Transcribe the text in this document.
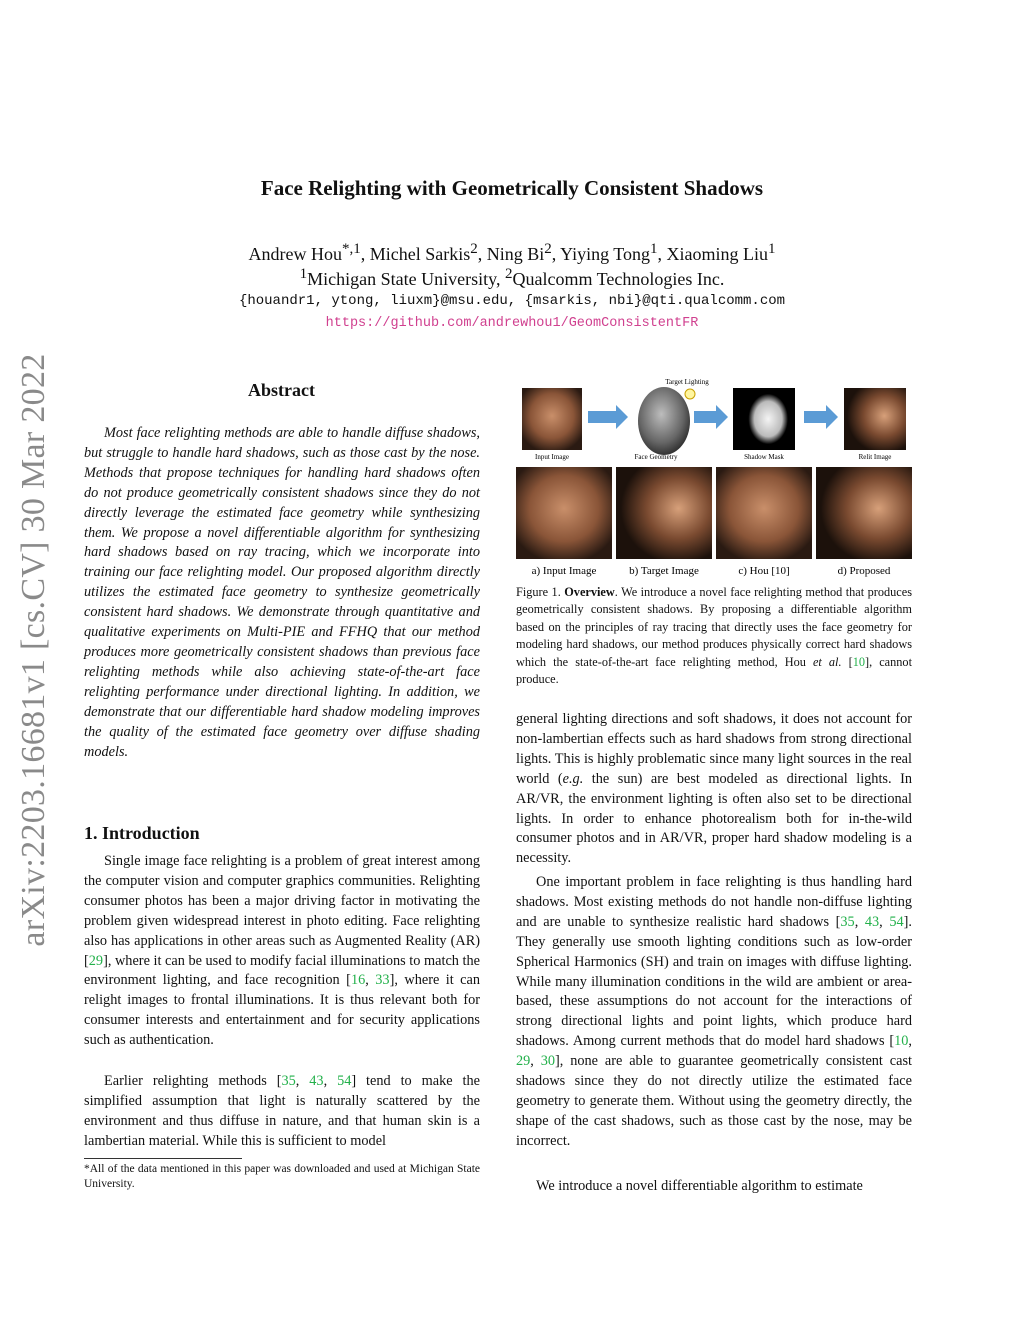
Face Relighting with Geometrically Consistent Shadows
Andrew Hou$^{*,1}$, Michel Sarkis$^2$, Ning Bi$^2$, Yiying Tong$^1$, Xiaoming Liu$^1$
$^1$Michigan State University, $^2$Qualcomm Technologies Inc.
{houandr1, ytong, liuxm}@msu.edu, {msarkis, nbi}@qti.qualcomm.com
https://github.com/andrewhou1/GeomConsistentFR
arXiv:2203.16681v1 [cs.CV] 30 Mar 2022	Abstract
Most face relighting methods are able to handle diffuse shadows, but struggle to handle hard shadows, such as those cast by the nose. Methods that propose techniques for handling hard shadows often do not produce geometrically consistent shadows since they do not directly leverage the estimated face geometry while synthesizing them. We propose a novel differentiable algorithm for synthesizing hard shadows based on ray tracing, which we incorporate into training our face relighting model. Our proposed algorithm directly utilizes the estimated face geometry to synthesize geometrically consistent hard shadows. We demonstrate through quantitative and qualitative experiments on Multi-PIE and FFHQ that our method produces more geometrically consistent shadows than previous face relighting methods while also achieving state-of-the-art face relighting performance under directional lighting. In addition, we demonstrate that our differentiable hard shadow modeling improves the quality of the estimated face geometry over diffuse shading models.
1. Introduction
Single image face relighting is a problem of great interest among the computer vision and computer graphics communities. Relighting consumer photos has been a major driving factor in motivating the problem given widespread interest in photo editing. Face relighting also has applications in other areas such as Augmented Reality (AR) [29], where it can be used to modify facial illuminations to match the environment lighting, and face recognition [16, 33], where it can relight images to frontal illuminations. It is thus relevant both for consumer interests and entertainment and for security applications such as authentication.
Earlier relighting methods [35, 43, 54] tend to make the simplified assumption that light is naturally scattered by the environment and thus diffuse in nature, and that human skin is a lambertian material. While this is sufficient to model
*All of the data mentioned in this paper was downloaded and used at Michigan State University.
Target Lighting
Input Image	Face Geometry	Shadow Mask	Relit Image
a) Input Image	b) Target Image	c) Hou [10]	d) Proposed
Figure 1. Overview. We introduce a novel face relighting method that produces geometrically consistent shadows. By proposing a differentiable algorithm based on the principles of ray tracing that directly uses the face geometry for modeling hard shadows, our method produces physically correct hard shadows which the state-of-the-art face relighting method, Hou et al. [10], cannot produce.
general lighting directions and soft shadows, it does not account for non-lambertian effects such as hard shadows from strong directional lights. This is highly problematic since many light sources in the real world (e.g. the sun) are best modeled as directional lights. In AR/VR, the environment lighting is often also set to be directional lights. In order to enhance photorealism both for in-the-wild consumer photos and in AR/VR, proper hard shadow modeling is a necessity.
One important problem in face relighting is thus handling hard shadows. Most existing methods do not handle non-diffuse lighting and are unable to synthesize realistic hard shadows [35, 43, 54]. They generally use smooth lighting conditions such as low-order Spherical Harmonics (SH) and train on images with diffuse lighting. While many illumination conditions in the wild are ambient or area-based, these assumptions do not account for the interactions of strong directional lights and point lights, which produce hard shadows. Among current methods that do model hard shadows [10, 29, 30], none are able to guarantee geometrically consistent cast shadows since they do not directly utilize the estimated face geometry to generate them. Without using the geometry directly, the shape of the cast shadows, such as those cast by the nose, may be incorrect.
We introduce a novel differentiable algorithm to estimate
